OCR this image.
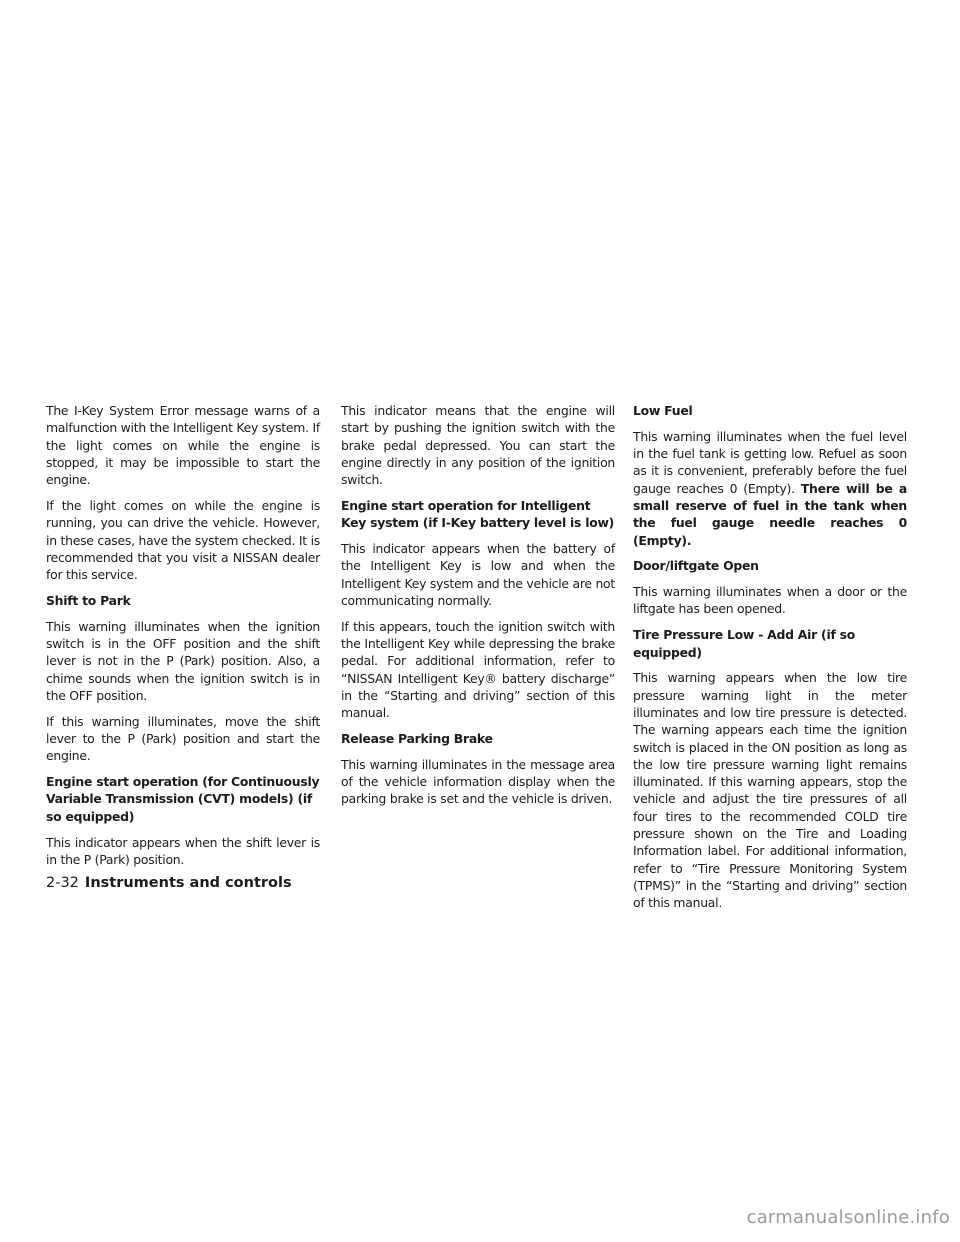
The I-Key System Error message warns of a malfunction with the Intelligent Key system. If the light comes on while the engine is stopped, it may be impossible to start the engine.

If the light comes on while the engine is running, you can drive the vehicle. However, in these cases, have the system checked. It is recommended that you visit a NISSAN dealer for this service.

Shift to Park

This warning illuminates when the ignition switch is in the OFF position and the shift lever is not in the P (Park) position. Also, a chime sounds when the ignition switch is in the OFF position.

If this warning illuminates, move the shift lever to the P (Park) position and start the engine.

Engine start operation (for Continuously Variable Transmission (CVT) models) (if so equipped)

This indicator appears when the shift lever is in the P (Park) position.

This indicator means that the engine will start by pushing the ignition switch with the brake pedal depressed. You can start the engine directly in any position of the ignition switch.

Engine start operation for Intelligent Key system (if I-Key battery level is low)

This indicator appears when the battery of the Intelligent Key is low and when the Intelligent Key system and the vehicle are not communicating normally.

If this appears, touch the ignition switch with the Intelligent Key while depressing the brake pedal. For additional information, refer to “NISSAN Intelligent Key® battery discharge” in the “Starting and driving” section of this manual.

Release Parking Brake

This warning illuminates in the message area of the vehicle information display when the parking brake is set and the vehicle is driven.

Low Fuel

This warning illuminates when the fuel level in the fuel tank is getting low. Refuel as soon as it is convenient, preferably before the fuel gauge reaches 0 (Empty). There will be a small reserve of fuel in the tank when the fuel gauge needle reaches 0 (Empty).

Door/liftgate Open

This warning illuminates when a door or the liftgate has been opened.

Tire Pressure Low - Add Air (if so equipped)

This warning appears when the low tire pressure warning light in the meter illuminates and low tire pressure is detected. The warning appears each time the ignition switch is placed in the ON position as long as the low tire pressure warning light remains illuminated. If this warning appears, stop the vehicle and adjust the tire pressures of all four tires to the recommended COLD tire pressure shown on the Tire and Loading Information label. For additional information, refer to “Tire Pressure Monitoring System (TPMS)” in the “Starting and driving” section of this manual.

2-32 Instruments and controls
carmanualsonline.info
